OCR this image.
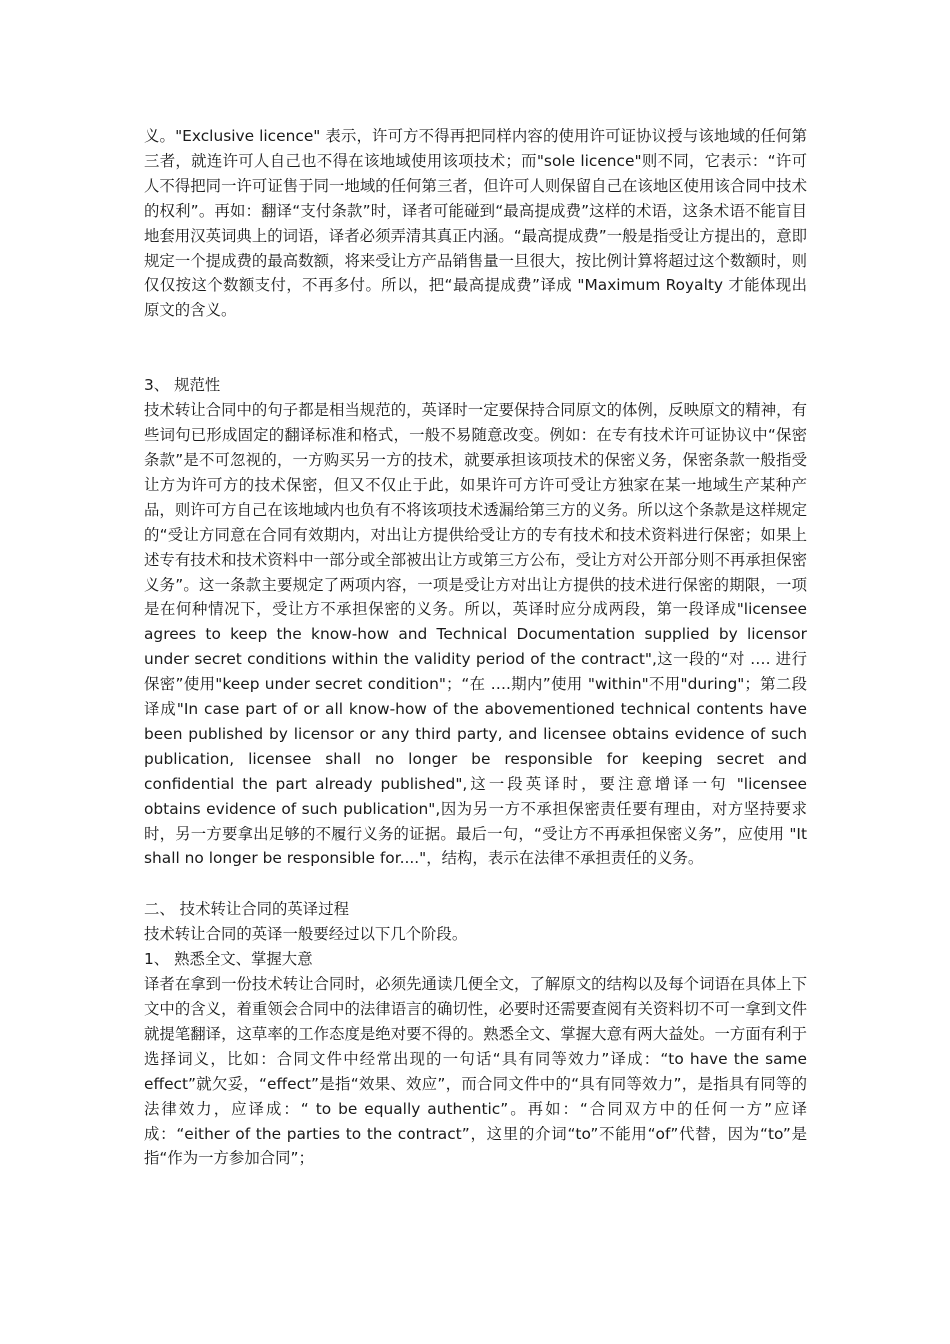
义。"Exclusive licence" 表示，许可方不得再把同样内容的使用许可证协议授与该地域的任何第三者，就连许可人自己也不得在该地域使用该项技术；而"sole licence"则不同，它表示：“许可人不得把同一许可证售于同一地域的任何第三者，但许可人则保留自己在该地区使用该合同中技术的权利”。再如：翻译“支付条款”时，译者可能碰到“最高提成费”这样的术语，这条术语不能盲目地套用汉英词典上的词语，译者必须弄清其真正内涵。“最高提成费”一般是指受让方提出的，意即规定一个提成费的最高数额，将来受让方产品销售量一旦很大，按比例计算将超过这个数额时，则仅仅按这个数额支付，不再多付。所以，把“最高提成费”译成 "Maximum Royalty 才能体现出原文的含义。

3、 规范性

技术转让合同中的句子都是相当规范的，英译时一定要保持合同原文的体例，反映原文的精神，有些词句已形成固定的翻译标准和格式，一般不易随意改变。例如：在专有技术许可证协议中“保密条款”是不可忽视的，一方购买另一方的技术，就要承担该项技术的保密义务，保密条款一般指受让方为许可方的技术保密，但又不仅止于此，如果许可方许可受让方独家在某一地域生产某种产品，则许可方自己在该地域内也负有不将该项技术透漏给第三方的义务。所以这个条款是这样规定的“受让方同意在合同有效期内，对出让方提供给受让方的专有技术和技术资料进行保密；如果上述专有技术和技术资料中一部分或全部被出让方或第三方公布，受让方对公开部分则不再承担保密义务”。这一条款主要规定了两项内容，一项是受让方对出让方提供的技术进行保密的期限，一项是在何种情况下，受让方不承担保密的义务。所以，英译时应分成两段，第一段译成"licensee agrees to keep the know-how and Technical Documentation supplied by licensor under secret conditions within the validity period of the contract",这一段的“对 …. 进行保密”使用"keep under secret condition"；“在 ….期内”使用 "within"不用"during"；第二段译成"In case part of or all know-how of the abovementioned technical contents have been published by licensor or any third party, and licensee obtains evidence of such publication, licensee shall no longer be responsible for keeping secret and confidential the part already published",这一段英译时，要注意增译一句 "licensee obtains evidence of such publication",因为另一方不承担保密责任要有理由，对方坚持要求时，另一方要拿出足够的不履行义务的证据。最后一句，“受让方不再承担保密义务”，应使用 "It shall no longer be responsible for...."，结构，表示在法律不承担责任的义务。

二、 技术转让合同的英译过程

技术转让合同的英译一般要经过以下几个阶段。

1、 熟悉全文、掌握大意

译者在拿到一份技术转让合同时，必须先通读几便全文，了解原文的结构以及每个词语在具体上下文中的含义，着重领会合同中的法律语言的确切性，必要时还需要查阅有关资料切不可一拿到文件就提笔翻译，这草率的工作态度是绝对要不得的。熟悉全文、掌握大意有两大益处。一方面有利于选择词义，比如：合同文件中经常出现的一句话“具有同等效力”译成：“to have the same effect”就欠妥，“effect”是指“效果、效应”，而合同文件中的“具有同等效力”，是指具有同等的法律效力，应译成：“ to be equally authentic”。再如：“合同双方中的任何一方”应译成：“either of the parties to the contract”，这里的介词“to”不能用“of”代替，因为“to”是指“作为一方参加合同”；
